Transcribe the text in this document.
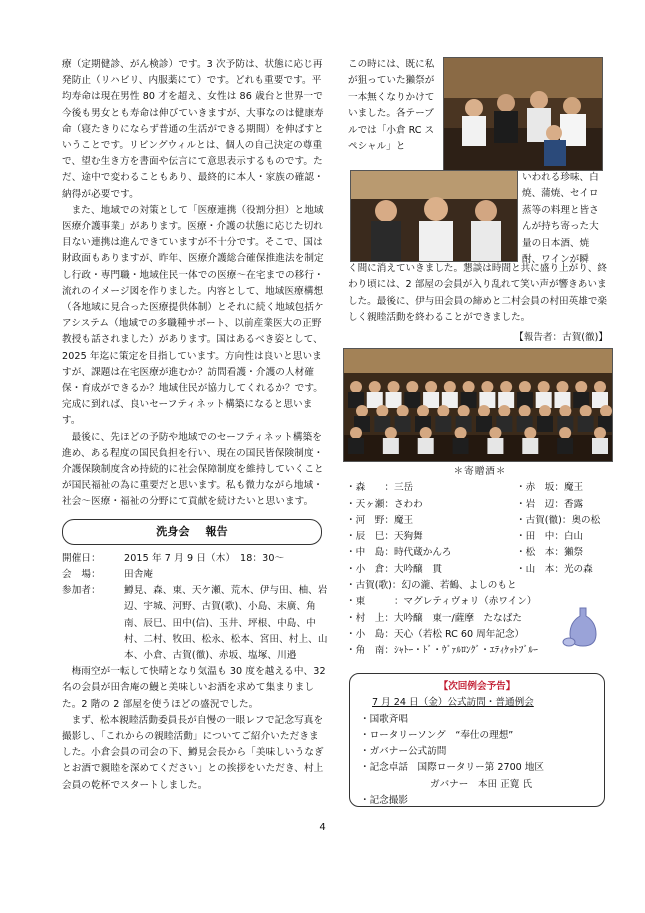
療（定期健診、がん検診）です。3 次予防は、状態に応じ再発防止（リハビリ、内服薬にて）です。どれも重要です。平均寿命は現在男性 80 才を超え、女性は 86 歳台と世界一で今後も男女とも寿命は伸びていきますが、大事なのは健康寿命（寝たきりにならず普通の生活ができる期間）を伸ばすということです。リビングウィルとは、個人の自己決定の尊重で、望む生き方を書面や伝言にて意思表示するものです。ただ、途中で変わることもあり、最終的に本人・家族の確認・納得が必要です。

また、地域での対策として「医療連携（役割分担）と地域医療介護事業」があります。医療・介護の状態に応じた切れ目ない連携は進んできていますが不十分です。そこで、国は財政面もありますが、昨年、医療介護総合確保推進法を制定し行政・専門職・地域住民一体での医療～在宅までの移行・流れのイメージ図を作りました。内容として、地域医療構想（各地域に見合った医療提供体制）とそれに続く地域包括ケアシステム（地域での多職種サポート、以前産業医大の正野教授も話されました）があります。国はあるべき姿として、2025 年迄に策定を目指しています。方向性は良いと思いますが、課題は在宅医療が進むか？訪問看護・介護の人材確保・育成ができるか？地域住民が協力してくれるか？です。完成に到れば、良いセーフティネット構築になると思います。

最後に、先ほどの予防や地域でのセーフティネット構築を進め、ある程度の国民負担を行い、現在の国民皆保険制度・介護保険制度含め持続的に社会保障制度を維持していくことが国民福祉の為に重要だと思います。私も微力ながら地域・社会～医療・福祉の分野にて貢献を続けたいと思います。

洗身会 報告
開催日：	2015 年 7 月 9 日（木）　18：30～
会　場：	田舎庵
参加者：	鱒見、森、東、天ケ瀬、荒木、伊与田、柚、岩辺、宇城、河野、古賀(歌)、小島、末廣、角南、辰巳、田中(信)、玉井、坪根、中島、中村、二村、牧田、松永、松本、宮田、村上、山本、小倉、古賀(徹)、赤坂、塩塚、川邉

梅雨空が一転して快晴となり気温も 30 度を越える中、32 名の会員が田舎庵の鰻と美味しいお酒を求めて集まりました。2 階の 2 部屋を使うほどの盛況でした。

まず、松本親睦活動委員長が自慢の一眼レフで記念写真を撮影し、「これからの親睦活動」についてご紹介いただきました。小倉会員の司会の下、鱒見会長から「美味しいうなぎとお酒で親睦を深めてください」との挨拶をいただき、村上会員の乾杯でスタートしました。

この時には、既に私が狙っていた獺祭が一本無くなりかけていました。各テーブルでは「小倉 RC スペシャル」と
いわれる珍味、白焼、蒲焼、セイロ蒸等の料理と皆さんが持ち寄った大量の日本酒、焼酎、ワインが瞬
く間に消えていきました。懇談は時間と共に盛り上がり、終わり頃には、2 部屋の会員が入り乱れて笑い声が響きあいました。最後に、伊与田会員の締めと二村会員の村田英雄で楽しく親睦活動を終わることができました。
【報告者：古賀(徹)】
＊寄贈酒＊
・森　　：三岳
・天ヶ瀬：さわわ
・河　野：魔王
・辰　巳：天狗舞
・中　島：時代蔵かんろ
・小　倉：大吟醸　貫
・赤　坂：魔王
・岩　辺：香露
・古賀(徹)：奥の松
・田　中：白山
・松　本：獺祭
・山　本：光の森
・古賀(歌)：幻の瀧、若鶴、よしのもと
・東　　　：マグレティヴォリ（赤ワイン）
・村　上：大吟醸　東一/薩摩　たなばた
・小　島：天心（若松 RC 60 周年記念）
・角　南：ｼｬﾄｰ・ﾄﾞ・ｳﾞｧﾙﾛﾝｸﾞ・ｴﾃｨｹｯﾄﾌﾞﾙｰ
【次回例会予告】
7 月 24 日（金）公式訪問・普通例会
・国歌斉唱
・ロータリーソング　“奉仕の理想”
・ガバナー公式訪問
・記念卓話　国際ロータリー第 2700 地区
ガバナー　本田 正寛 氏
・記念撮影
4
